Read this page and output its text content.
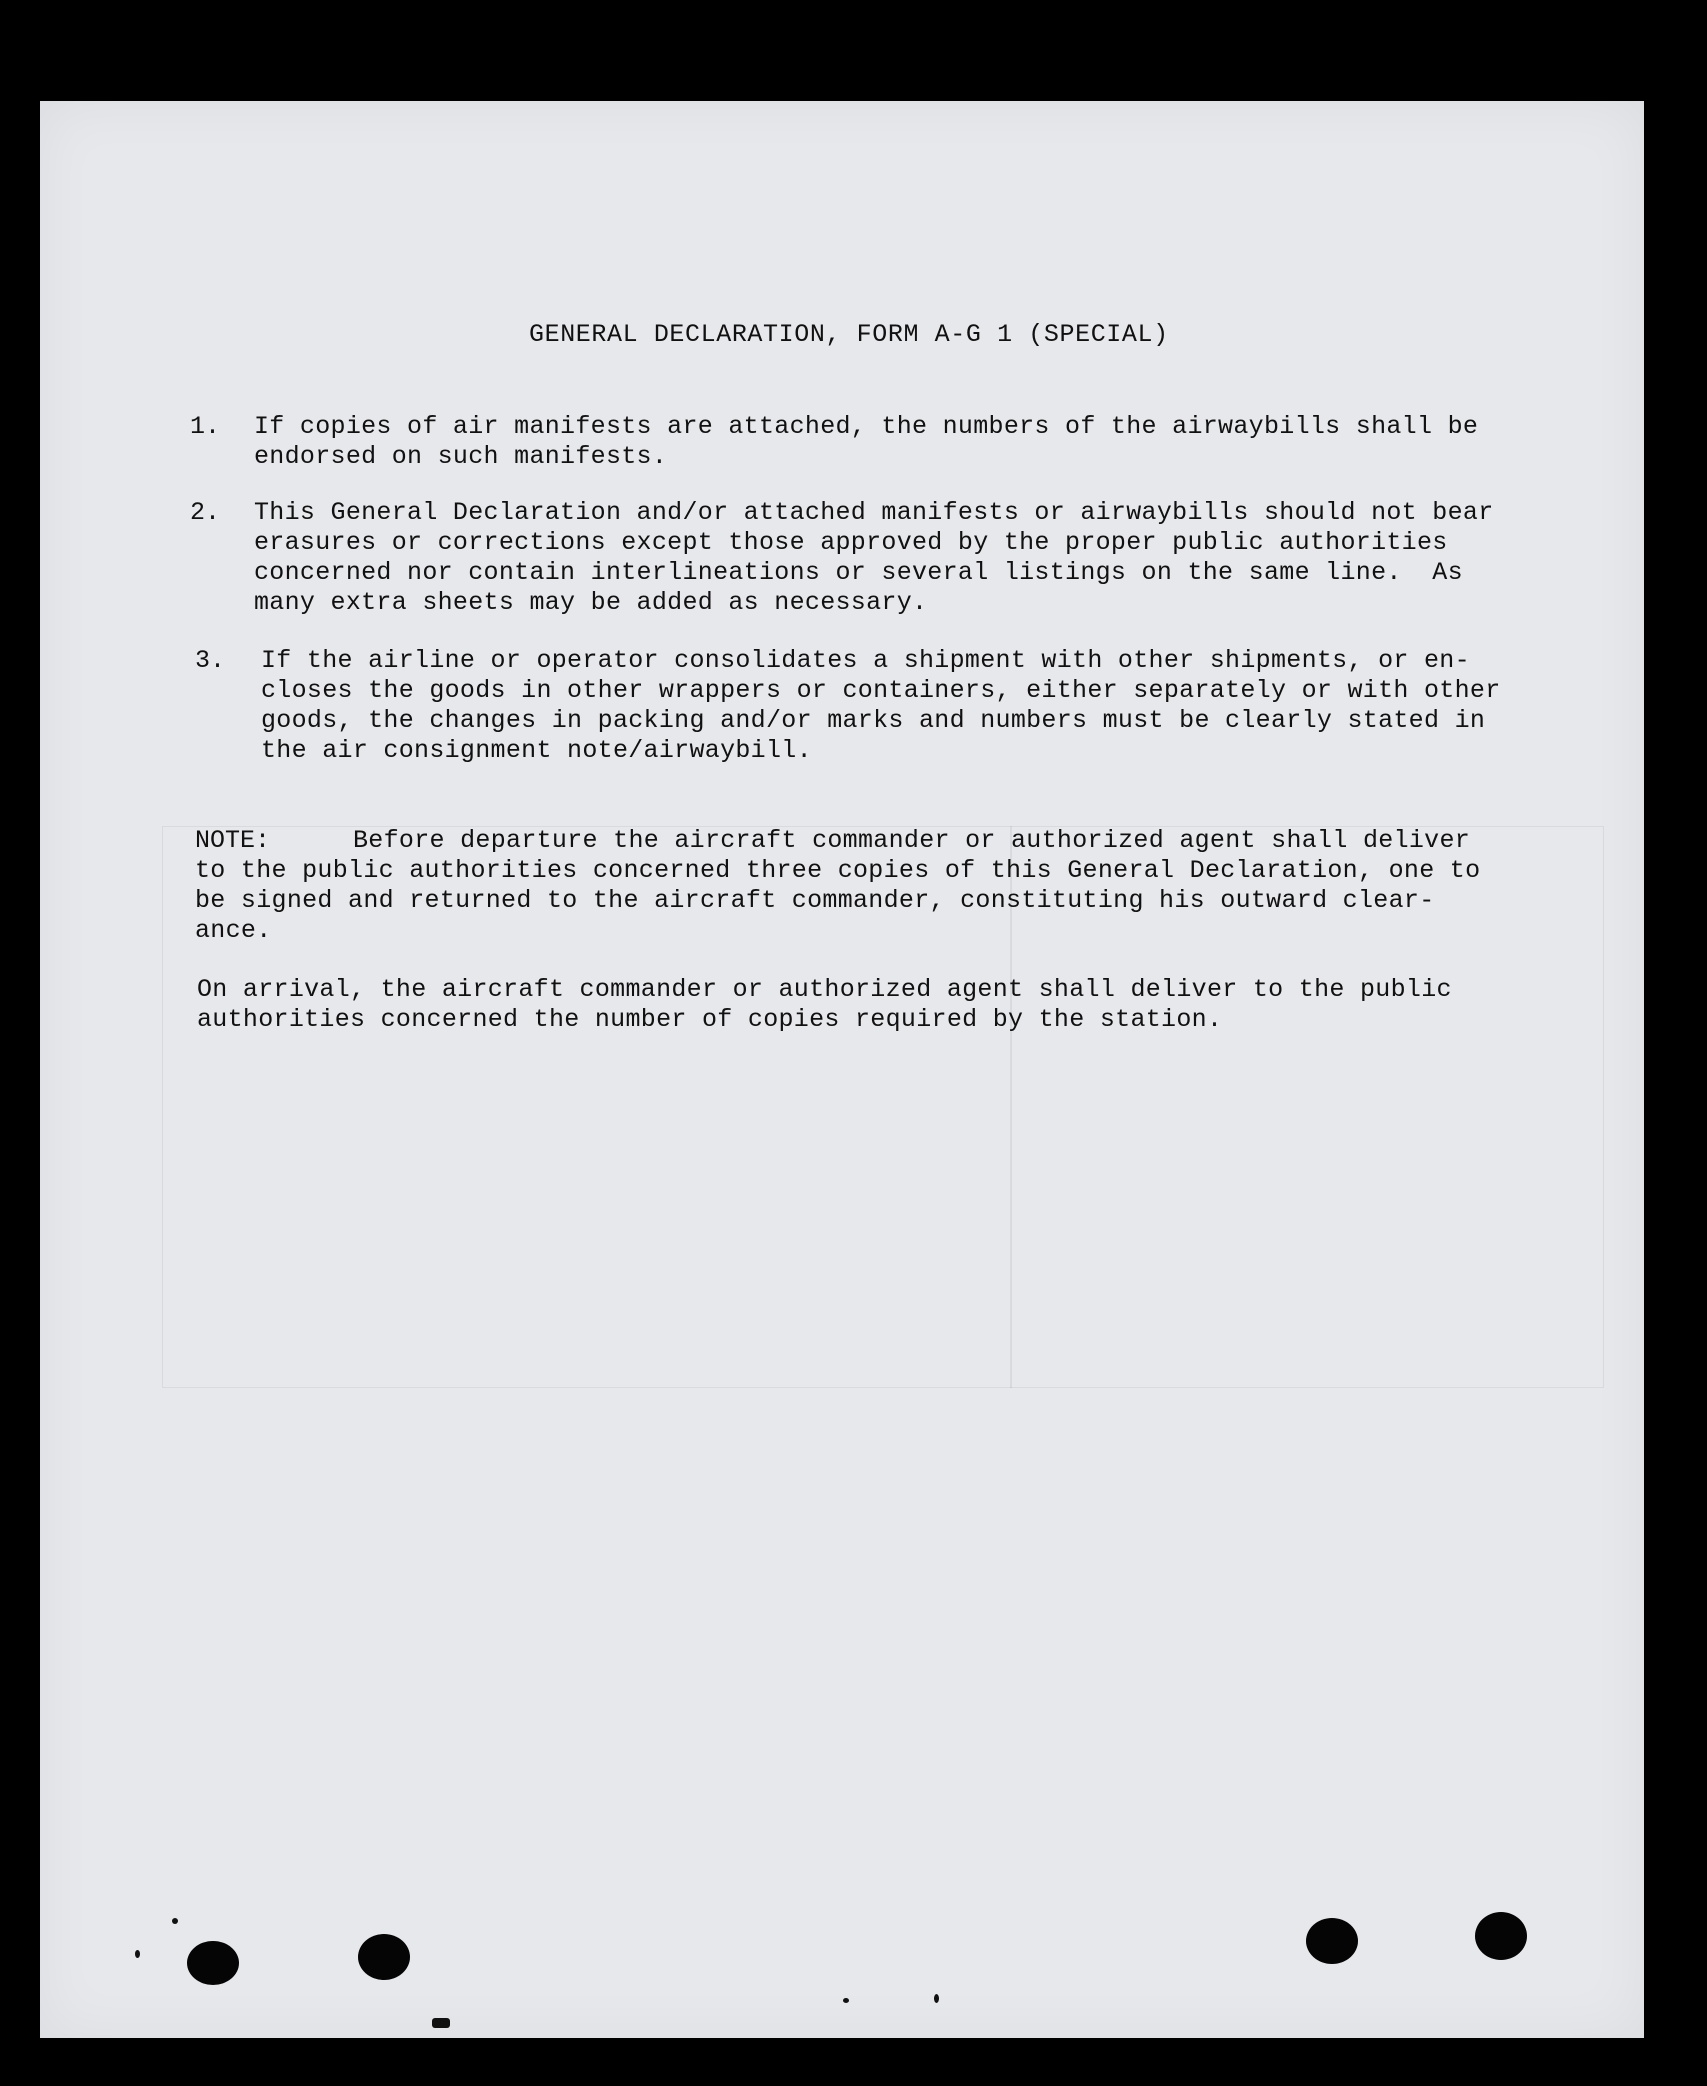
GENERAL DECLARATION, FORM A-G 1 (SPECIAL)
1. If copies of air manifests are attached, the numbers of the airwaybills shall be
endorsed on such manifests.
2. This General Declaration and/or attached manifests or airwaybills should not bear
erasures or corrections except those approved by the proper public authorities
concerned nor contain interlineations or several listings on the same line.  As
many extra sheets may be added as necessary.
3. If the airline or operator consolidates a shipment with other shipments, or en-
closes the goods in other wrappers or containers, either separately or with other
goods, the changes in packing and/or marks and numbers must be clearly stated in
the air consignment note/airwaybill.
NOTE:	Before departure the aircraft commander or authorized agent shall deliver
to the public authorities concerned three copies of this General Declaration, one to
be signed and returned to the aircraft commander, constituting his outward clear-
ance.
On arrival, the aircraft commander or authorized agent shall deliver to the public
authorities concerned the number of copies required by the station.
